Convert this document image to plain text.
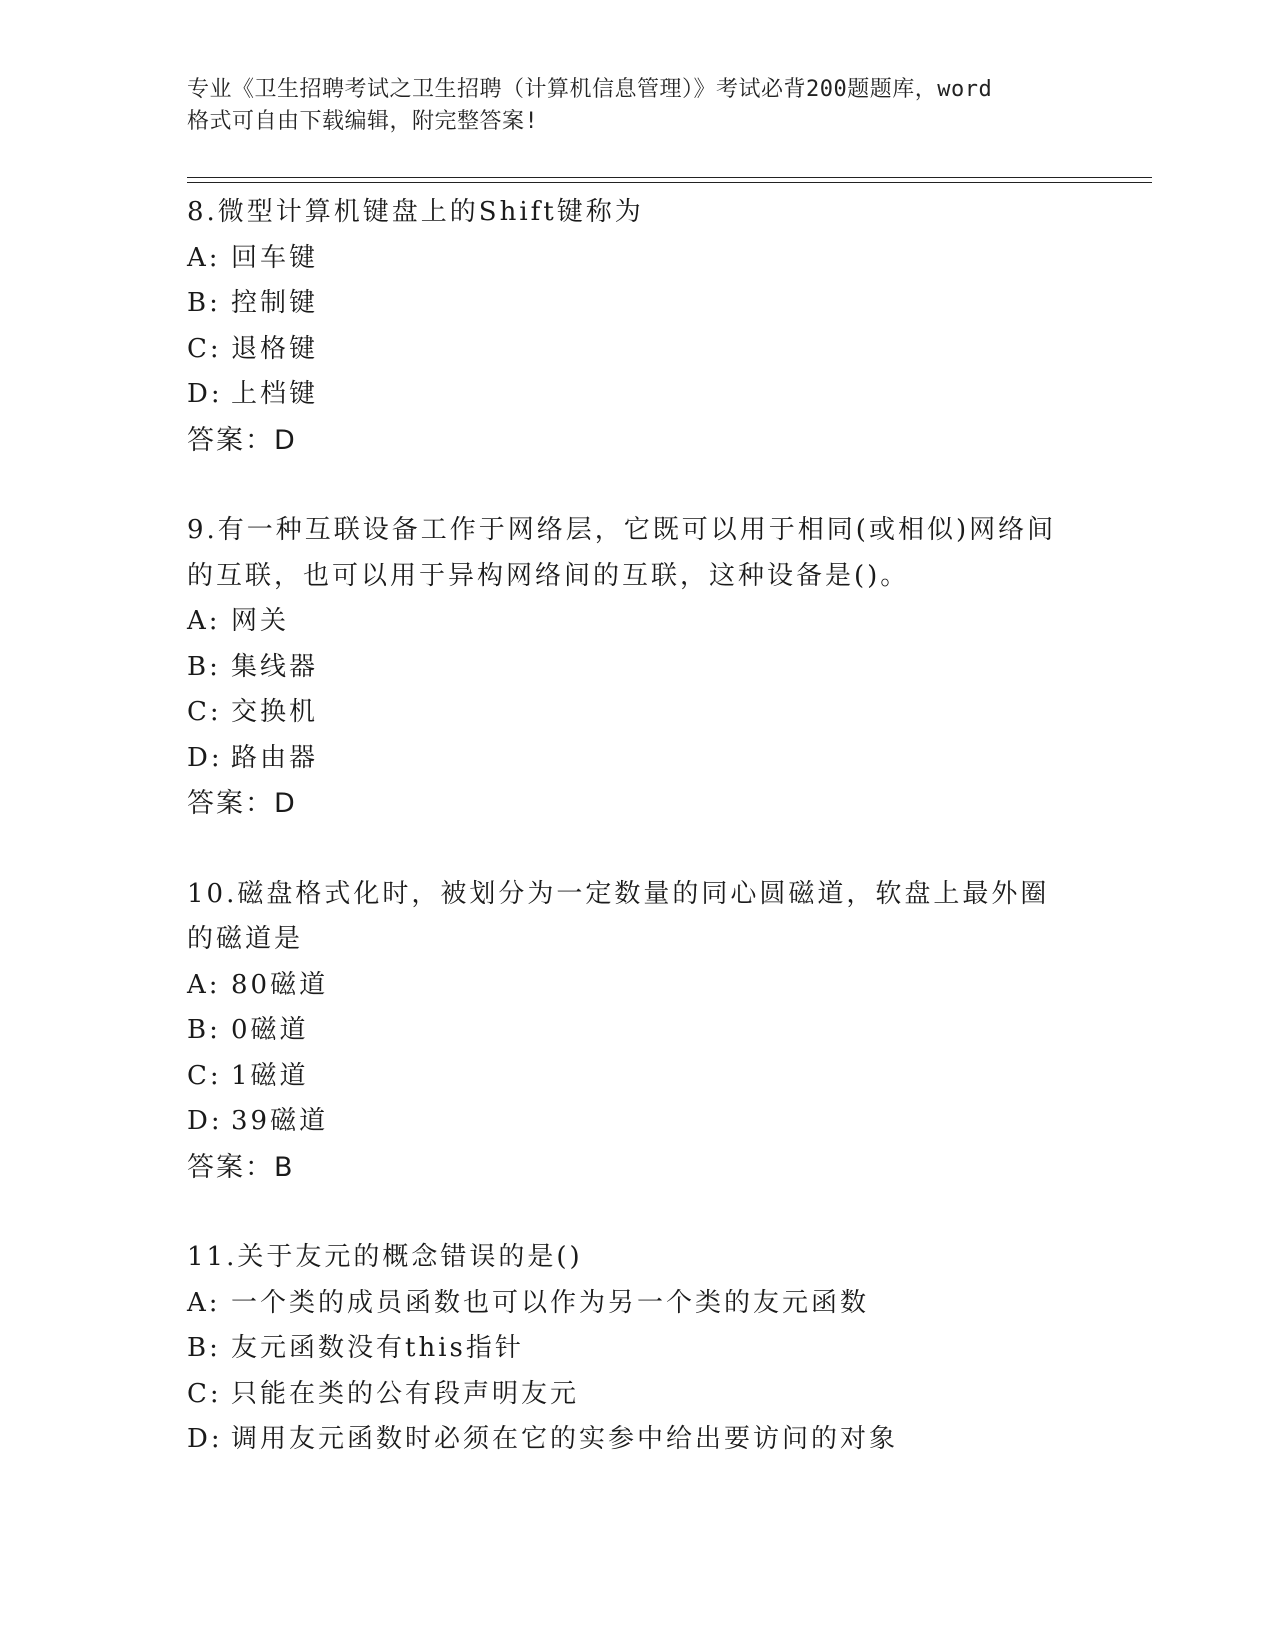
专业《卫生招聘考试之卫生招聘（计算机信息管理）》考试必背200题题库，word
格式可自由下载编辑，附完整答案!
8.微型计算机键盘上的Shift键称为
A: 回车键
B: 控制键
C: 退格键
D: 上档键
答案：D
9.有一种互联设备工作于网络层，它既可以用于相同(或相似)网络间的互联，也可以用于异构网络间的互联，这种设备是()。
A: 网关
B: 集线器
C: 交换机
D: 路由器
答案：D
10.磁盘格式化时，被划分为一定数量的同心圆磁道，软盘上最外圈的磁道是
A: 80磁道
B: 0磁道
C: 1磁道
D: 39磁道
答案：B
11.关于友元的概念错误的是()
A: 一个类的成员函数也可以作为另一个类的友元函数
B: 友元函数没有this指针
C: 只能在类的公有段声明友元
D: 调用友元函数时必须在它的实参中给出要访问的对象
